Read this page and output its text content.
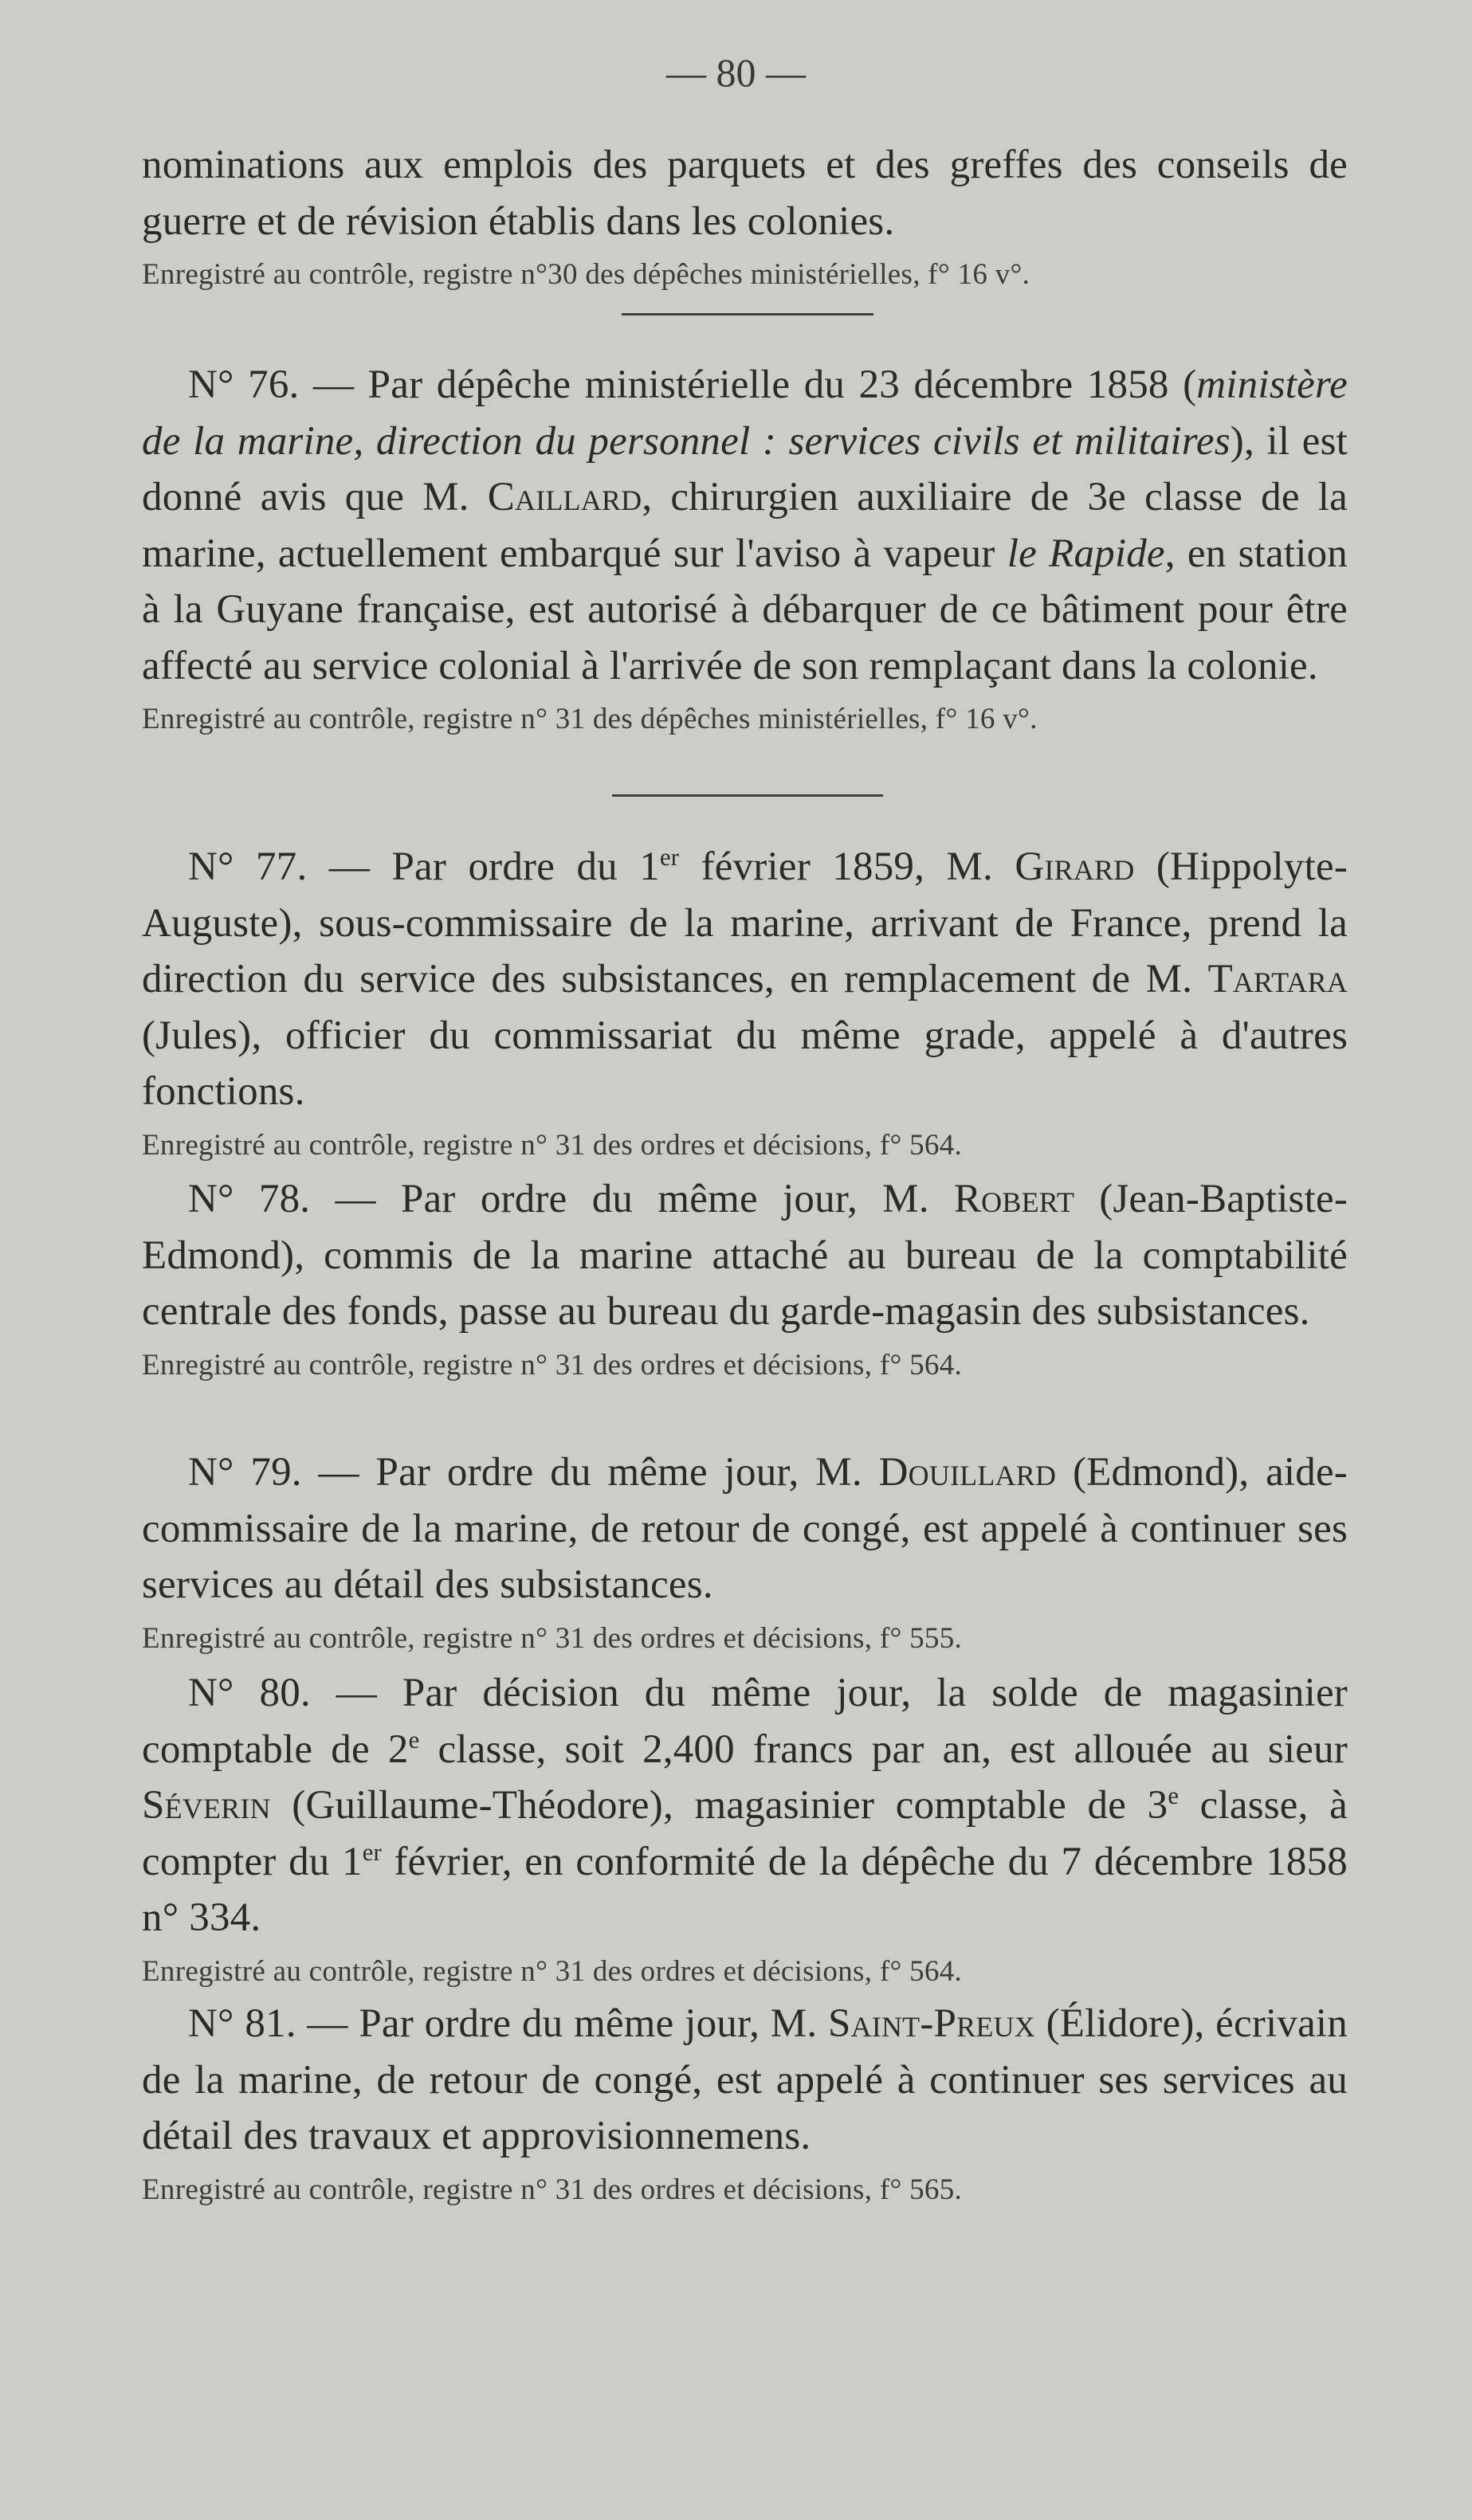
— 80 —

nominations aux emplois des parquets et des greffes des conseils de guerre et de révision établis dans les colonies.

Enregistré au contrôle, registre n°30 des dépêches ministérielles, f° 16 v°.

N° 76. — Par dépêche ministérielle du 23 décembre 1858 (ministère de la marine, direction du personnel : services civils et militaires), il est donné avis que M. Caillard, chirurgien auxiliaire de 3e classe de la marine, actuellement embarqué sur l'aviso à vapeur le Rapide, en station à la Guyane française, est autorisé à débarquer de ce bâtiment pour être affecté au service colonial à l'arrivée de son remplaçant dans la colonie.

Enregistré au contrôle, registre n° 31 des dépêches ministérielles, f° 16 v°.

N° 77. — Par ordre du 1er février 1859, M. Girard (Hippolyte-Auguste), sous-commissaire de la marine, arrivant de France, prend la direction du service des subsistances, en remplacement de M. Tartara (Jules), officier du commissariat du même grade, appelé à d'autres fonctions.

Enregistré au contrôle, registre n° 31 des ordres et décisions, f° 564.

N° 78. — Par ordre du même jour, M. Robert (Jean-Baptiste-Edmond), commis de la marine attaché au bureau de la comptabilité centrale des fonds, passe au bureau du garde-magasin des subsistances.

Enregistré au contrôle, registre n° 31 des ordres et décisions, f° 564.

N° 79. — Par ordre du même jour, M. Douillard (Edmond), aide-commissaire de la marine, de retour de congé, est appelé à continuer ses services au détail des subsistances.

Enregistré au contrôle, registre n° 31 des ordres et décisions, f° 555.

N° 80. — Par décision du même jour, la solde de magasinier comptable de 2e classe, soit 2,400 francs par an, est allouée au sieur Séverin (Guillaume-Théodore), magasinier comptable de 3e classe, à compter du 1er février, en conformité de la dépêche du 7 décembre 1858 n° 334.

Enregistré au contrôle, registre n° 31 des ordres et décisions, f° 564.

N° 81. — Par ordre du même jour, M. Saint-Preux (Élidore), écrivain de la marine, de retour de congé, est appelé à continuer ses services au détail des travaux et approvisionnemens.

Enregistré au contrôle, registre n° 31 des ordres et décisions, f° 565.
